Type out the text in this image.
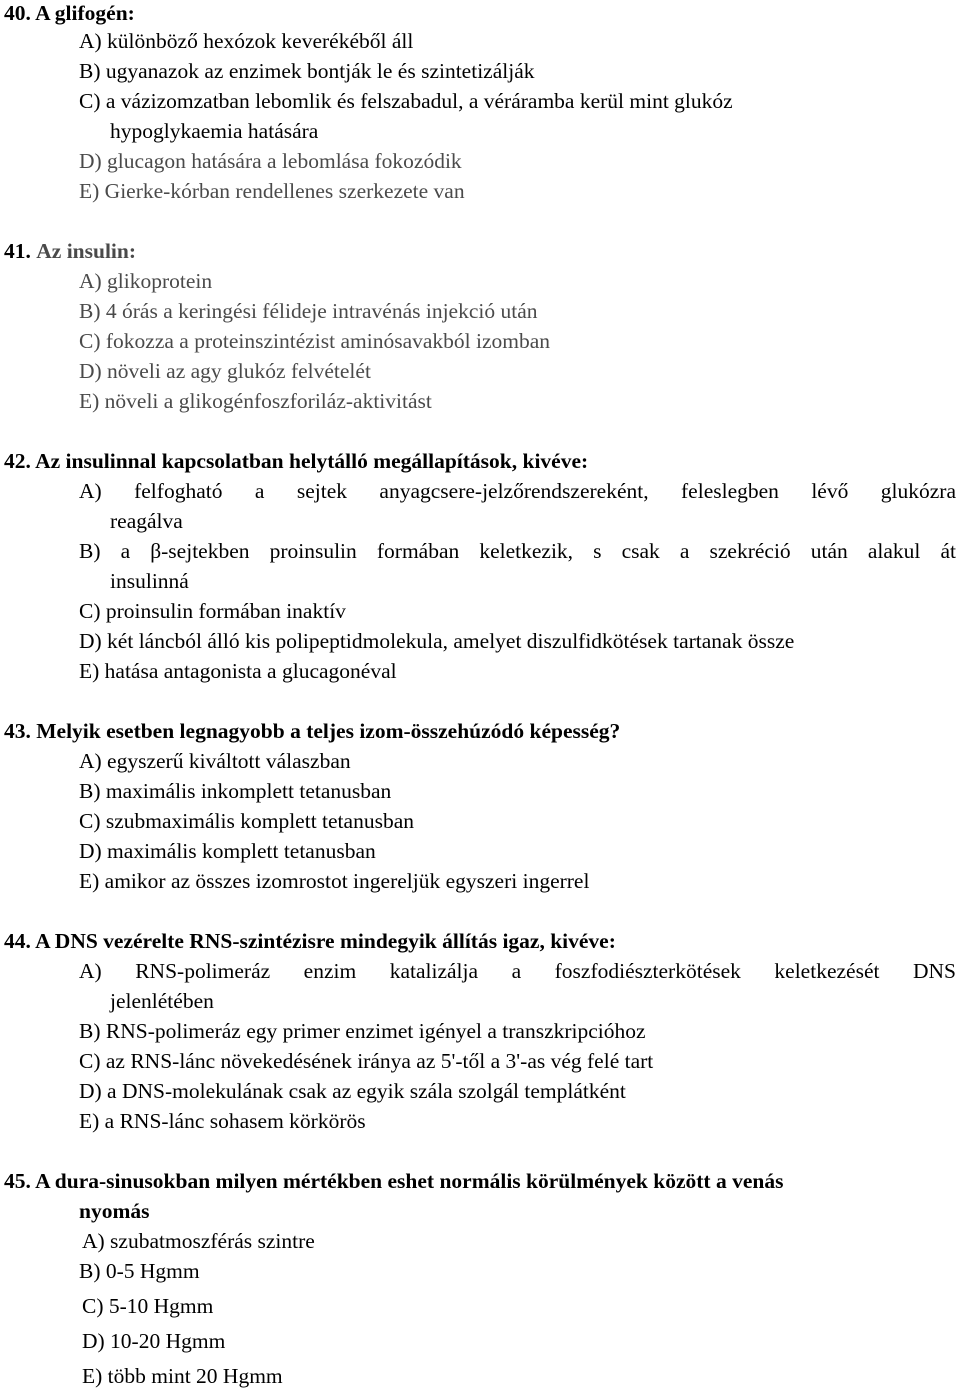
40. A glifogén:
A) különböző hexózok keverékéből áll
B) ugyanazok az enzimek bontják le és szintetizálják
C) a vázizomzatban lebomlik és felszabadul, a véráramba kerül mint glukóz
hypoglykaemia hatására
D) glucagon hatására a lebomlása fokozódik
E) Gierke-kórban rendellenes szerkezete van
41. Az insulin:
A) glikoprotein
B) 4 órás a keringési félideje intravénás injekció után
C) fokozza a proteinszintézist aminósavakból izomban
D) növeli az agy glukóz felvételét
E) növeli a glikogénfoszforiláz-aktivitást
42. Az insulinnal kapcsolatban helytálló megállapítások, kivéve:
A) felfogható a sejtek anyagcsere-jelzőrendszereként, feleslegben lévő glukózra
reagálva
B) a β-sejtekben proinsulin formában keletkezik, s csak a szekréció után alakul át
insulinná
C) proinsulin formában inaktív
D) két láncból álló kis polipeptidmolekula, amelyet diszulfidkötések tartanak össze
E) hatása antagonista a glucagonéval
43. Melyik esetben legnagyobb a teljes izom-összehúzódó képesség?
A) egyszerű kiváltott válaszban
B) maximális inkomplett tetanusban
C) szubmaximális komplett tetanusban
D) maximális komplett tetanusban
E) amikor az összes izomrostot ingereljük egyszeri ingerrel
44. A DNS vezérelte RNS-szintézisre mindegyik állítás igaz, kivéve:
A) RNS-polimeráz enzim katalizálja a foszfodiészterkötések keletkezését DNS
jelenlétében
B) RNS-polimeráz egy primer enzimet igényel a transzkripcióhoz
C) az RNS-lánc növekedésének iránya az 5'-től a 3'-as vég felé tart
D) a DNS-molekulának csak az egyik szála szolgál templátként
E) a RNS-lánc sohasem körkörös
45. A dura-sinusokban milyen mértékben eshet normális körülmények között a venás
nyomás
A) szubatmoszférás szintre
B) 0-5 Hgmm
C) 5-10 Hgmm
D) 10-20 Hgmm
E) több mint 20 Hgmm
